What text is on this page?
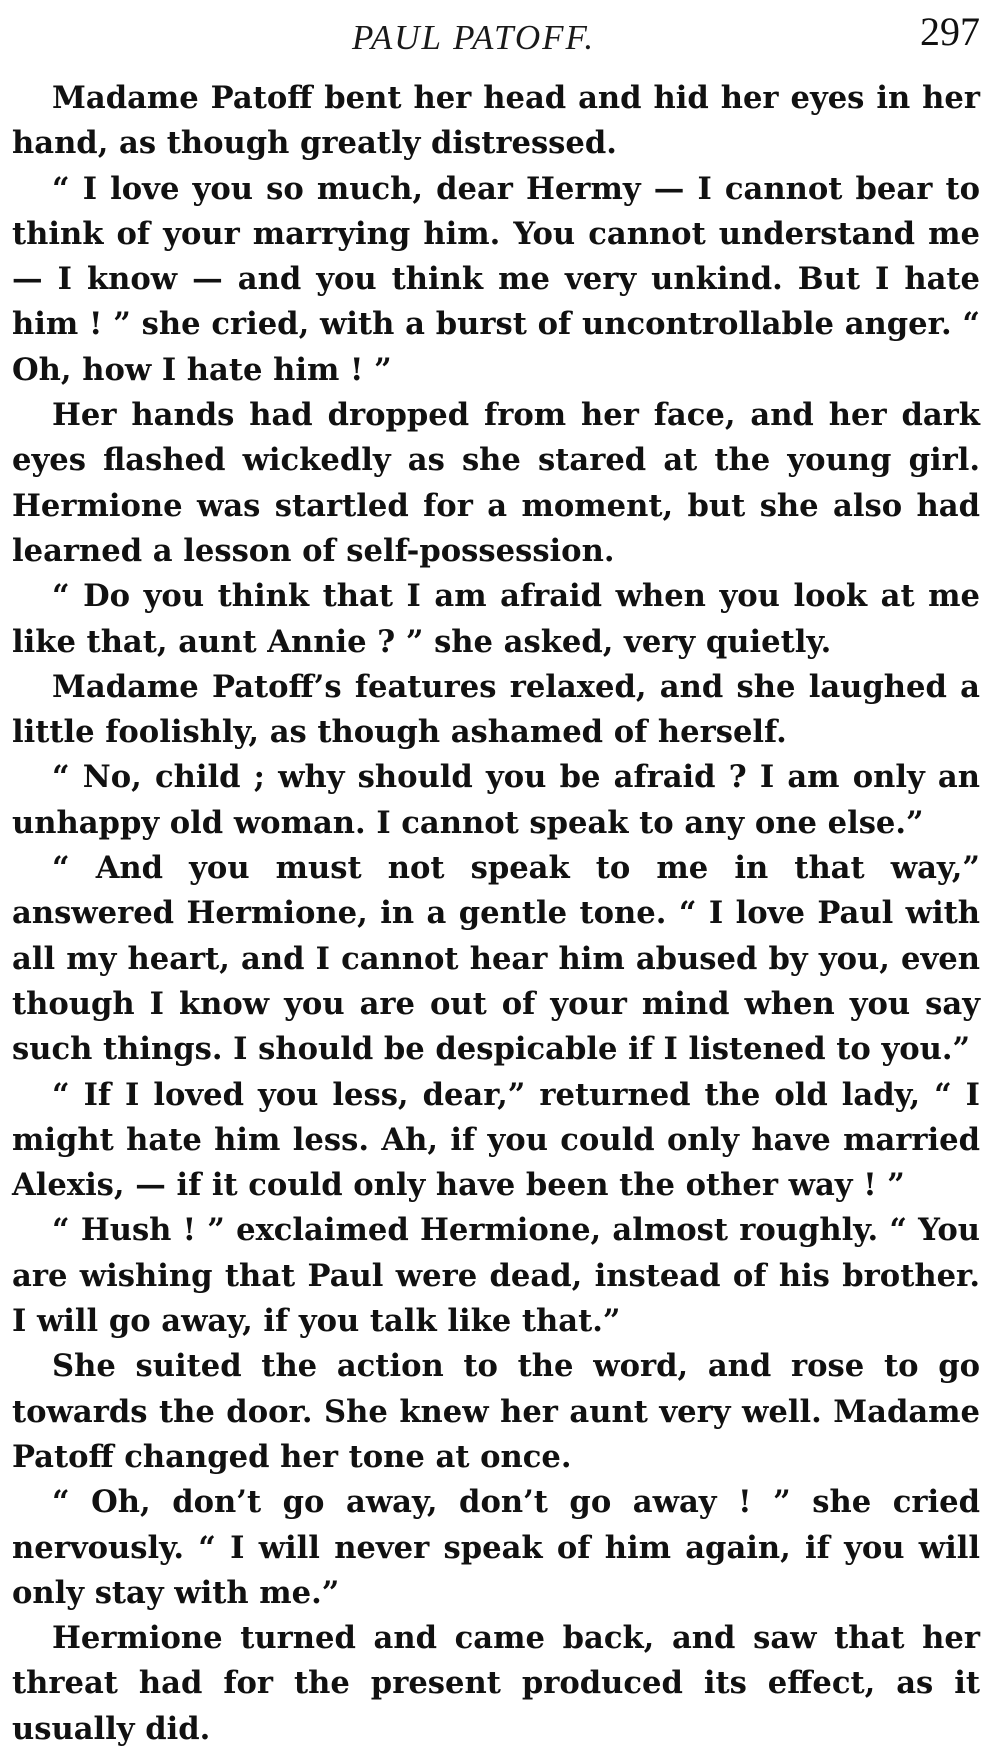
PAUL PATOFF.	297

Madame Patoff bent her head and hid her eyes in her hand, as though greatly distressed.

“ I love you so much, dear Hermy — I cannot bear to think of your marrying him. You cannot understand me — I know — and you think me very unkind. But I hate him ! ” she cried, with a burst of uncontrollable anger. “ Oh, how I hate him ! ”

Her hands had dropped from her face, and her dark eyes flashed wickedly as she stared at the young girl. Hermione was startled for a moment, but she also had learned a lesson of self-possession.

“ Do you think that I am afraid when you look at me like that, aunt Annie ? ” she asked, very quietly.

Madame Patoff’s features relaxed, and she laughed a little foolishly, as though ashamed of herself.

“ No, child ; why should you be afraid ? I am only an unhappy old woman. I cannot speak to any one else.”

“ And you must not speak to me in that way,” answered Hermione, in a gentle tone. “ I love Paul with all my heart, and I cannot hear him abused by you, even though I know you are out of your mind when you say such things. I should be despicable if I listened to you.”

“ If I loved you less, dear,” returned the old lady, “ I might hate him less. Ah, if you could only have married Alexis, — if it could only have been the other way ! ”

“ Hush ! ” exclaimed Hermione, almost roughly. “ You are wishing that Paul were dead, instead of his brother. I will go away, if you talk like that.”

She suited the action to the word, and rose to go towards the door. She knew her aunt very well. Madame Patoff changed her tone at once.

“ Oh, don’t go away, don’t go away ! ” she cried nervously. “ I will never speak of him again, if you will only stay with me.”

Hermione turned and came back, and saw that her threat had for the present produced its effect, as it usually did.
